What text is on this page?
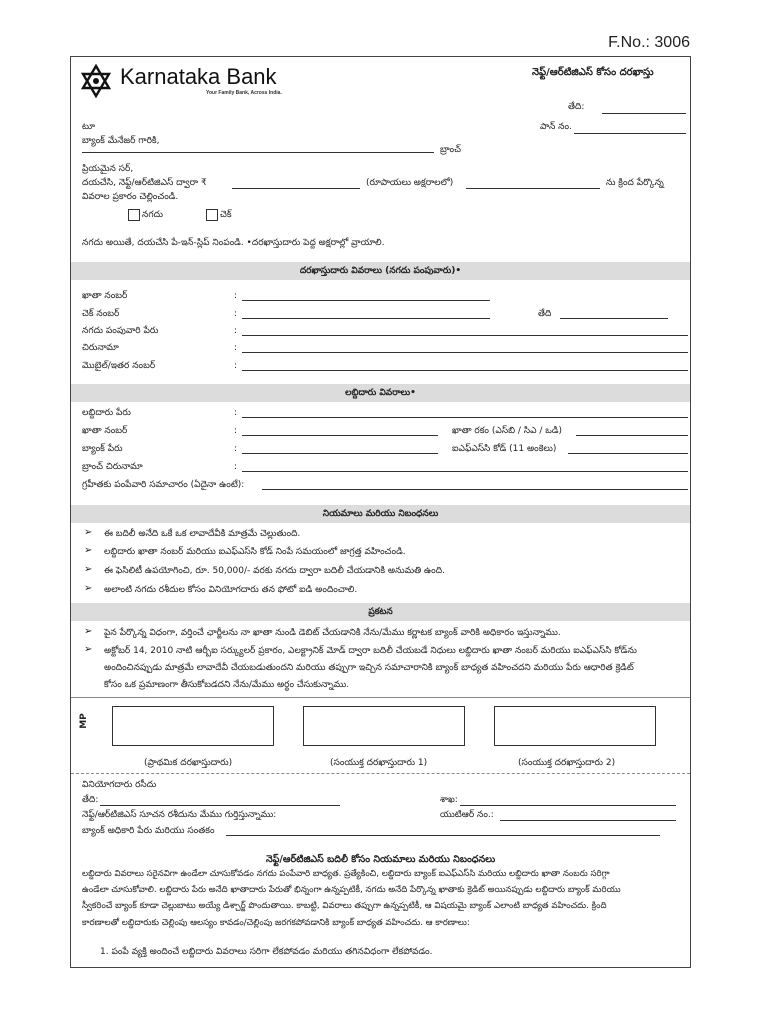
F.No.: 3006
Karnataka Bank
Your Family Bank, Across India.
నెఫ్ట్/ఆర్‌టిజిఎస్ కోసం దరఖాస్తు
తేది:
పాన్ నం.
టూ
బ్యాంక్ మేనేజర్ గారికి,
బ్రాంచ్
ప్రియమైన సర్,
దయచేసి, నెఫ్ట్/ఆర్‌టిజిఎస్ ద్వారా ₹	(రూపాయలు అక్షరాలలో)	ను క్రింద పేర్కొన్న
వివరాల ప్రకారం చెల్లించండి.
నగదు	చెక్
నగదు అయితే, దయచేసి పే-ఇన్-స్లిప్ నింపండి. •దరఖాస్తుదారు పెద్ద అక్షరాల్లో వ్రాయాలి.
దరఖాస్తుదారు వివరాలు (నగదు పంపువారు)•
ఖాతా నంబర్	:
చెక్ నంబర్	:	తేది
నగదు పంపువారి పేరు	:
చిరునామా	:
మొబైల్/ఇతర నంబర్	:
లబ్దిదారు వివరాలు•
లబ్దిదారు పేరు	:
ఖాతా నంబర్	:	ఖాతా రకం (ఎస్‌బి / సిఎ / ఒడి)
బ్యాంక్ పేరు	:	ఐఎఫ్‌ఎస్‌సి కోడ్ (11 అంకెలు)
బ్రాంచ్ చిరునామా	:
గ్రహీతకు పంపేవారి సమాచారం (ఏదైనా ఉంటే):
నియమాలు మరియు నిబంధనలు
➢ ఈ బదిలీ అనేది ఒకే ఒక లావాదేవీకి మాత్రమే చెల్లుతుంది.
➢ లబ్దిదారు ఖాతా నంబర్ మరియు ఐఎఫ్‌ఎస్‌సి కోడ్ నింపే సమయంలో జాగ్రత్త వహించండి.
➢ ఈ ఫెసిలిటీ ఉపయోగించి, రూ. 50,000/- వరకు నగదు ద్వారా బదిలీ చేయడానికి అనుమతి ఉంది.
➢ అలాంటి నగదు రశీదుల కోసం వినియోగదారు తన ఫోటో ఐడి అందించాలి.
ప్రకటన
➢ పైన పేర్కొన్న విధంగా, వర్తించే ఛార్జీలను నా ఖాతా నుండి డెబిట్ చేయడానికి నేను/మేము కర్ణాటక బ్యాంక్ వారికి అధికారం ఇస్తున్నాము.
➢ అక్టోబర్ 14, 2010 నాటి ఆర్బీఐ సర్క్యులర్ ప్రకారం, ఎలక్ట్రానిక్ మోడ్ ద్వారా బదిలీ చేయబడే నిధులు లబ్దిదారు ఖాతా నంబర్ మరియు ఐఎఫ్‌ఎస్‌సి కోడ్‌ను
అందించినప్పుడు మాత్రమే లావాదేవీ చేయబడుతుందని మరియు తప్పుగా ఇచ్చిన సమాచారానికి బ్యాంక్ బాధ్యత వహించదని మరియు పేరు ఆధారిత క్రెడిట్
కోసం ఒక ప్రమాణంగా తీసుకోబడదని నేను/మేము అర్థం చేసుకున్నాము.
MP
(ప్రాథమిక దరఖాస్తుదారు)	(సంయుక్త దరఖాస్తుదారు 1)	(సంయుక్త దరఖాస్తుదారు 2)
వినియోగదారు రసీదు
తేది:	శాఖ:
నెఫ్ట్/ఆర్‌టిజిఎస్ సూచన రశీదును మేము గుర్తిస్తున్నాము:	యుటిఆర్ నం.:
బ్యాంక్ అధికారి పేరు మరియు సంతకం
నెఫ్ట్/ఆర్‌టిజిఎస్ బదిలీ కోసం నియమాలు మరియు నిబంధనలు
లబ్దిదారు వివరాలు సరైనవిగా ఉండేలా చూసుకోవడం నగదు పంపేవారి బాధ్యత. ప్రత్యేకించి, లబ్దిదారు బ్యాంక్ ఐఎఫ్‌ఎస్‌సి మరియు లబ్దిదారు ఖాతా నంబరు సరిగ్గా
ఉండేలా చూసుకోవాలి. లబ్దిదారు పేరు అనేది ఖాతాదారు పేరుతో భిన్నంగా ఉన్నప్పటికీ, నగదు అనేది పేర్కొన్న ఖాతాకు క్రెడిట్ అయినప్పుడు లబ్దిదారు బ్యాంక్ మరియు
స్వీకరించే బ్యాంక్ కూడా చెల్లుబాటు అయ్యే డిశ్చార్జ్ పొందుతాయి. కాబట్టి, వివరాలు తప్పుగా ఉన్నప్పటికీ, ఆ విషయమై బ్యాంక్ ఎలాంటి బాధ్యత వహించదు. క్రింది
కారణాలతో లబ్దిదారుకు చెల్లింపు ఆలస్యం కావడం/చెల్లింపు జరగకపోవడానికి బ్యాంక్ బాధ్యత వహించదు. ఆ కారణాలు:
1. పంపే వ్యక్తి అందించే లబ్దిదారు వివరాలు సరిగా లేకపోవడం మరియు తగినవిధంగా లేకపోవడం.
